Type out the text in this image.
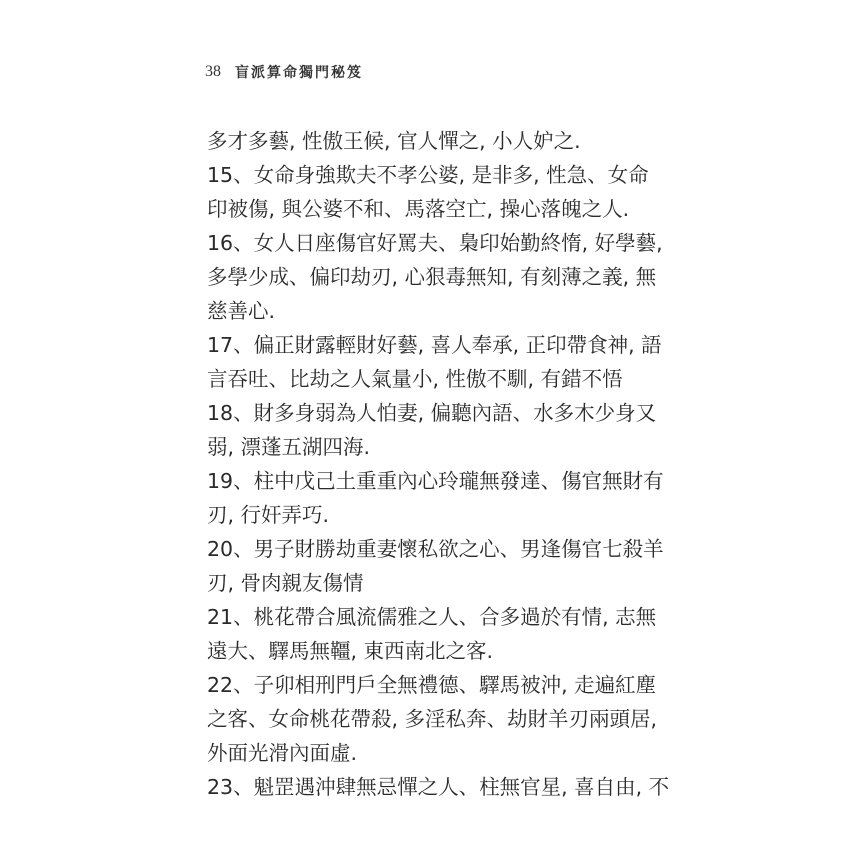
38 盲派算命獨門秘笈
多才多藝, 性傲王候, 官人憚之, 小人妒之.
15、女命身強欺夫不孝公婆, 是非多, 性急、女命
印被傷, 與公婆不和、馬落空亡, 操心落魄之人.
16、女人日座傷官好罵夫、梟印始勤終惰, 好學藝,
多學少成、偏印劫刃, 心狠毒無知, 有刻薄之義, 無
慈善心.
17、偏正財露輕財好藝, 喜人奉承, 正印帶食神, 語
言吞吐、比劫之人氣量小, 性傲不馴, 有錯不悟
18、財多身弱為人怕妻, 偏聽內語、水多木少身又
弱, 漂蓬五湖四海.
19、柱中戊己土重重內心玲瓏無發達、傷官無財有
刃, 行奸弄巧.
20、男子財勝劫重妻懷私欲之心、男逢傷官七殺羊
刃, 骨肉親友傷情
21、桃花帶合風流儒雅之人、合多過於有情, 志無
遠大、驛馬無韁, 東西南北之客.
22、子卯相刑門戶全無禮德、驛馬被沖, 走遍紅塵
之客、女命桃花帶殺, 多淫私奔、劫財羊刃兩頭居,
外面光滑內面虛.
23、魁罡遇沖肆無忌憚之人、柱無官星, 喜自由, 不
